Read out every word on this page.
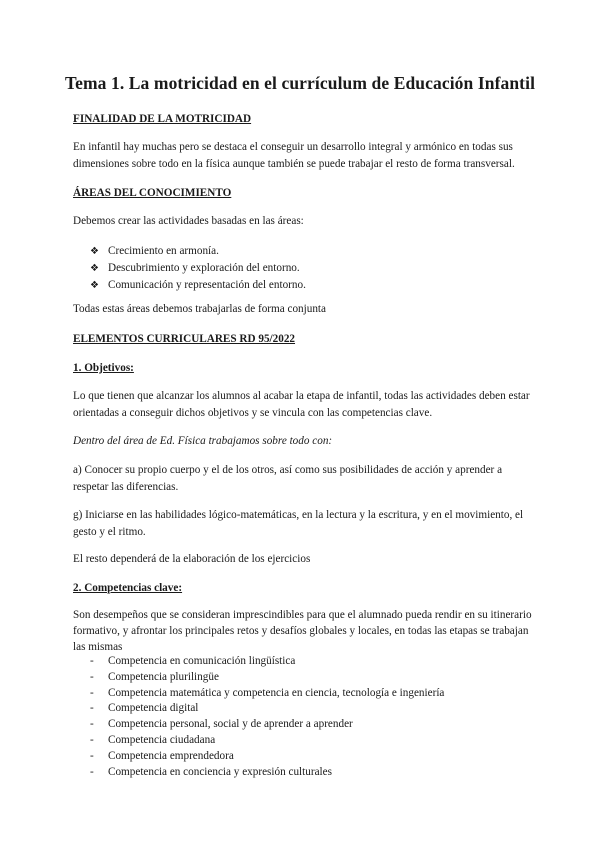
Tema 1. La motricidad en el currículum de Educación Infantil
FINALIDAD DE LA MOTRICIDAD
En infantil hay muchas pero se destaca el conseguir un desarrollo integral y armónico en todas sus dimensiones sobre todo en la física aunque también se puede trabajar el resto de forma transversal.
ÁREAS DEL CONOCIMIENTO
Debemos crear las actividades basadas en las áreas:
❖ Crecimiento en armonía.
❖ Descubrimiento y exploración del entorno.
❖ Comunicación y representación del entorno.
Todas estas áreas debemos trabajarlas de forma conjunta
ELEMENTOS CURRICULARES RD 95/2022
1. Objetivos:
Lo que tienen que alcanzar los alumnos al acabar la etapa de infantil, todas las actividades deben estar orientadas a conseguir dichos objetivos y se vincula con las competencias clave.
Dentro del área de Ed. Física trabajamos sobre todo con:
a) Conocer su propio cuerpo y el de los otros, así como sus posibilidades de acción y aprender a respetar las diferencias.
g) Iniciarse en las habilidades lógico-matemáticas, en la lectura y la escritura, y en el movimiento, el gesto y el ritmo.
El resto dependerá de la elaboración de los ejercicios
2. Competencias clave:
Son desempeños que se consideran imprescindibles para que el alumnado pueda rendir en su itinerario formativo, y afrontar los principales retos y desafíos globales y locales, en todas las etapas se trabajan las mismas
- Competencia en comunicación lingüística
- Competencia plurilingüe
- Competencia matemática y competencia en ciencia, tecnología e ingeniería
- Competencia digital
- Competencia personal, social y de aprender a aprender
- Competencia ciudadana
- Competencia emprendedora
- Competencia en conciencia y expresión culturales
